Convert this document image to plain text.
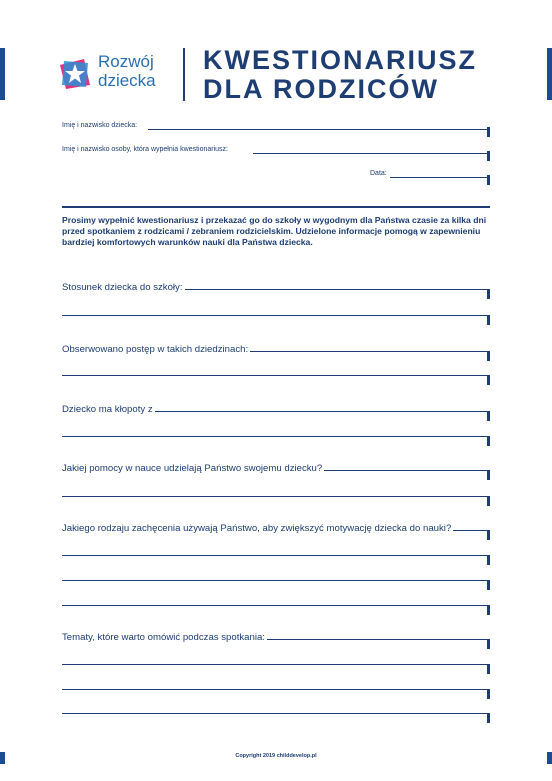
Rozwój
dziecka
KWESTIONARIUSZ
DLA RODZICÓW
Imię i nazwisko dziecka:
Imię i nazwisko osoby, która wypełnia kwestionariusz:
Data:
Prosimy wypełnić kwestionariusz i przekazać go do szkoły w wygodnym dla Państwa czasie za kilka dni przed spotkaniem z rodzicami / zebraniem rodzicielskim. Udzielone informacje pomogą w zapewnieniu bardziej komfortowych warunków nauki dla Państwa dziecka.
Stosunek dziecka do szkoły:
Obserwowano postęp w takich dziedzinach:
Dziecko ma kłopoty z
Jakiej pomocy w nauce udzielają Państwo swojemu dziecku?
Jakiego rodzaju zachęcenia używają Państwo, aby zwiększyć motywację dziecka do nauki?
Tematy, które warto omówić podczas spotkania:
Copyright 2019 childdevelop.pl
